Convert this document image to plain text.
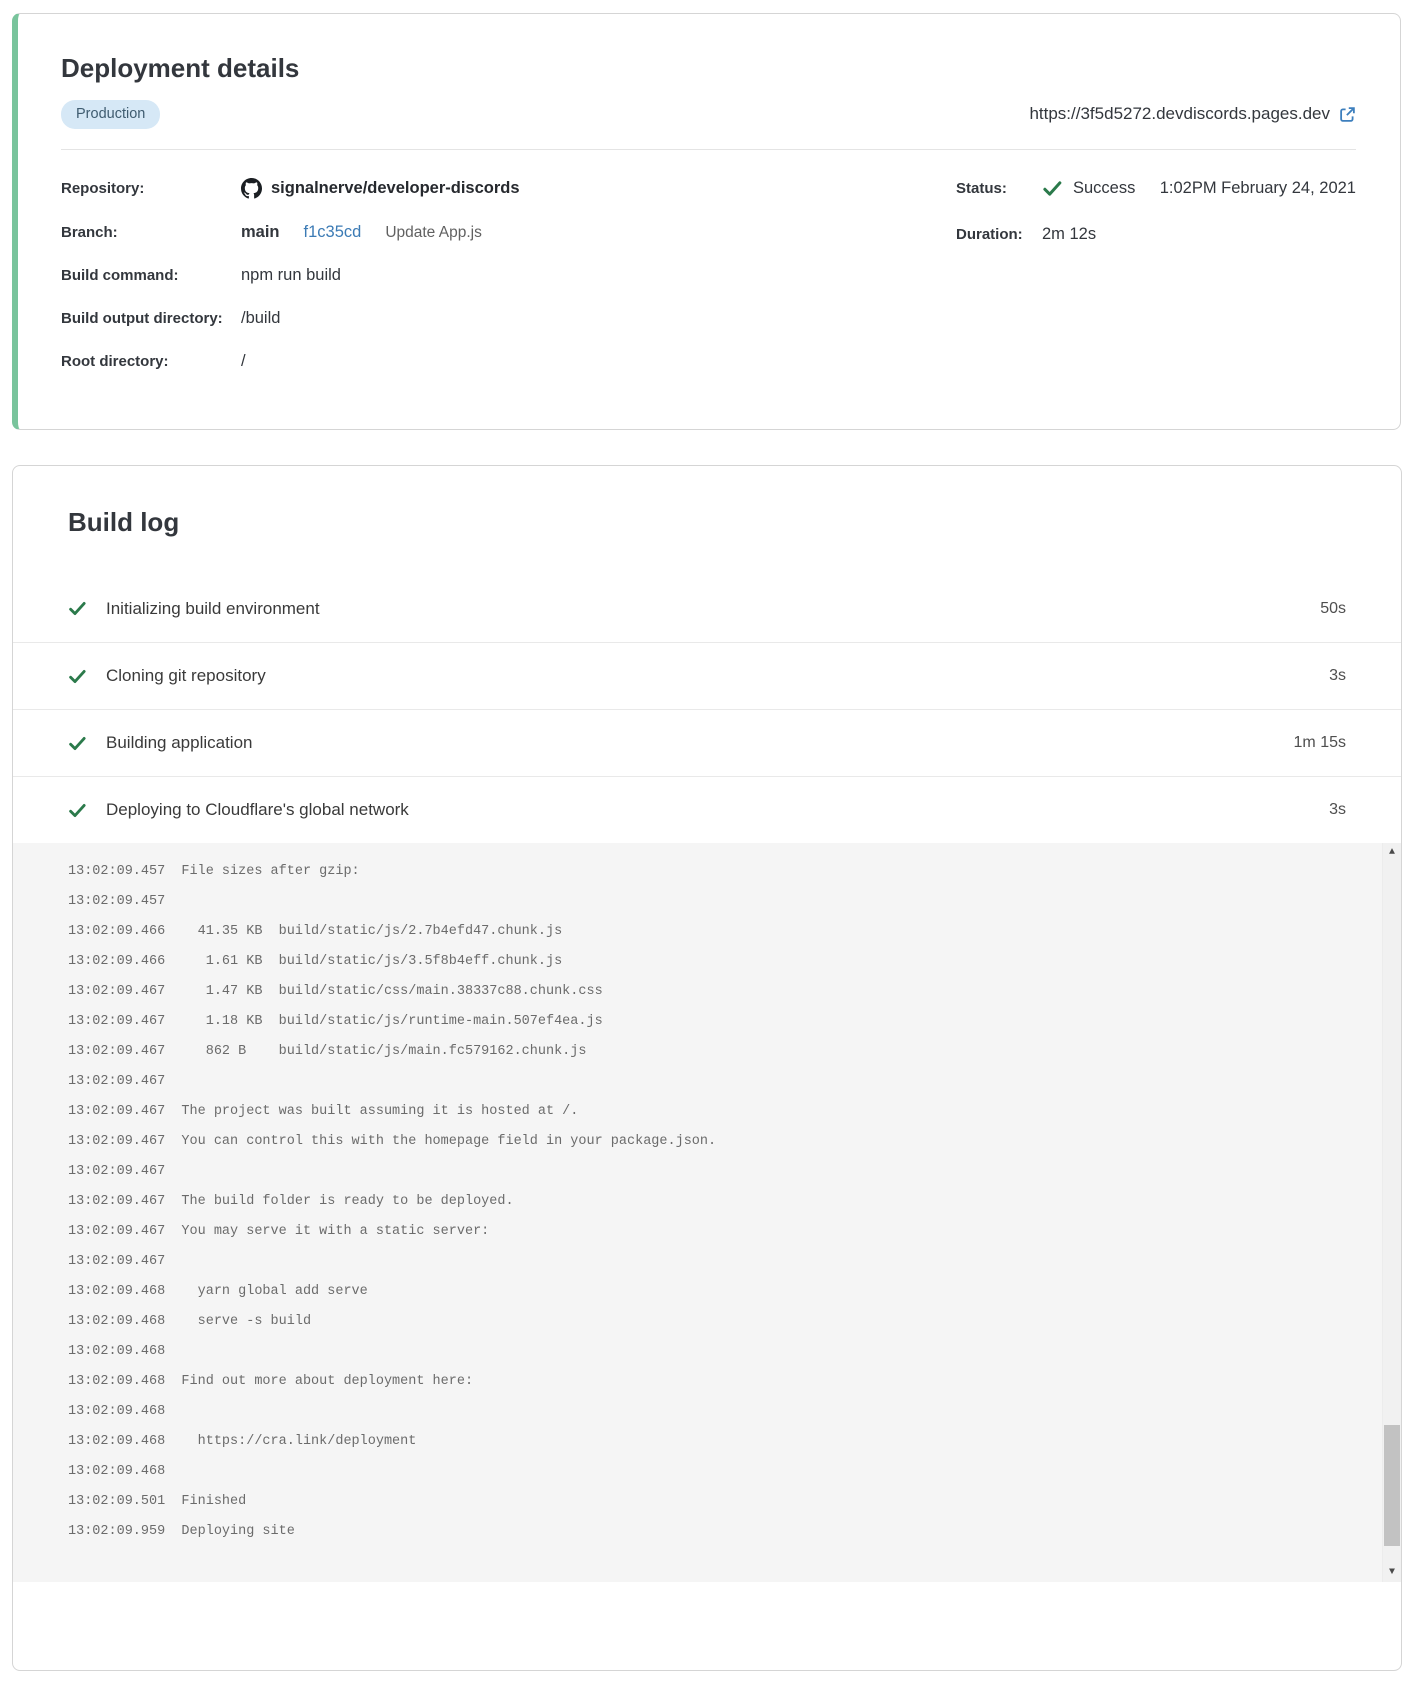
Deployment details
Production	https://3f5d5272.devdiscords.pages.dev
Repository:	signalnerve/developer-discords
Branch:	main f1c35cd Update App.js
Build command:	npm run build
Build output directory:	/build
Root directory:	/
Status:	Success 1:02PM February 24, 2021
Duration:	2m 12s
Build log
Initializing build environment	50s
Cloning git repository	3s
Building application	1m 15s
Deploying to Cloudflare's global network	3s
13:02:09.457  File sizes after gzip:
13:02:09.457
13:02:09.466    41.35 KB  build/static/js/2.7b4efd47.chunk.js
13:02:09.466     1.61 KB  build/static/js/3.5f8b4eff.chunk.js
13:02:09.467     1.47 KB  build/static/css/main.38337c88.chunk.css
13:02:09.467     1.18 KB  build/static/js/runtime-main.507ef4ea.js
13:02:09.467     862 B    build/static/js/main.fc579162.chunk.js
13:02:09.467
13:02:09.467  The project was built assuming it is hosted at /.
13:02:09.467  You can control this with the homepage field in your package.json.
13:02:09.467
13:02:09.467  The build folder is ready to be deployed.
13:02:09.467  You may serve it with a static server:
13:02:09.467
13:02:09.468    yarn global add serve
13:02:09.468    serve -s build
13:02:09.468
13:02:09.468  Find out more about deployment here:
13:02:09.468
13:02:09.468    https://cra.link/deployment
13:02:09.468
13:02:09.501  Finished
13:02:09.959  Deploying site
▲
▼
